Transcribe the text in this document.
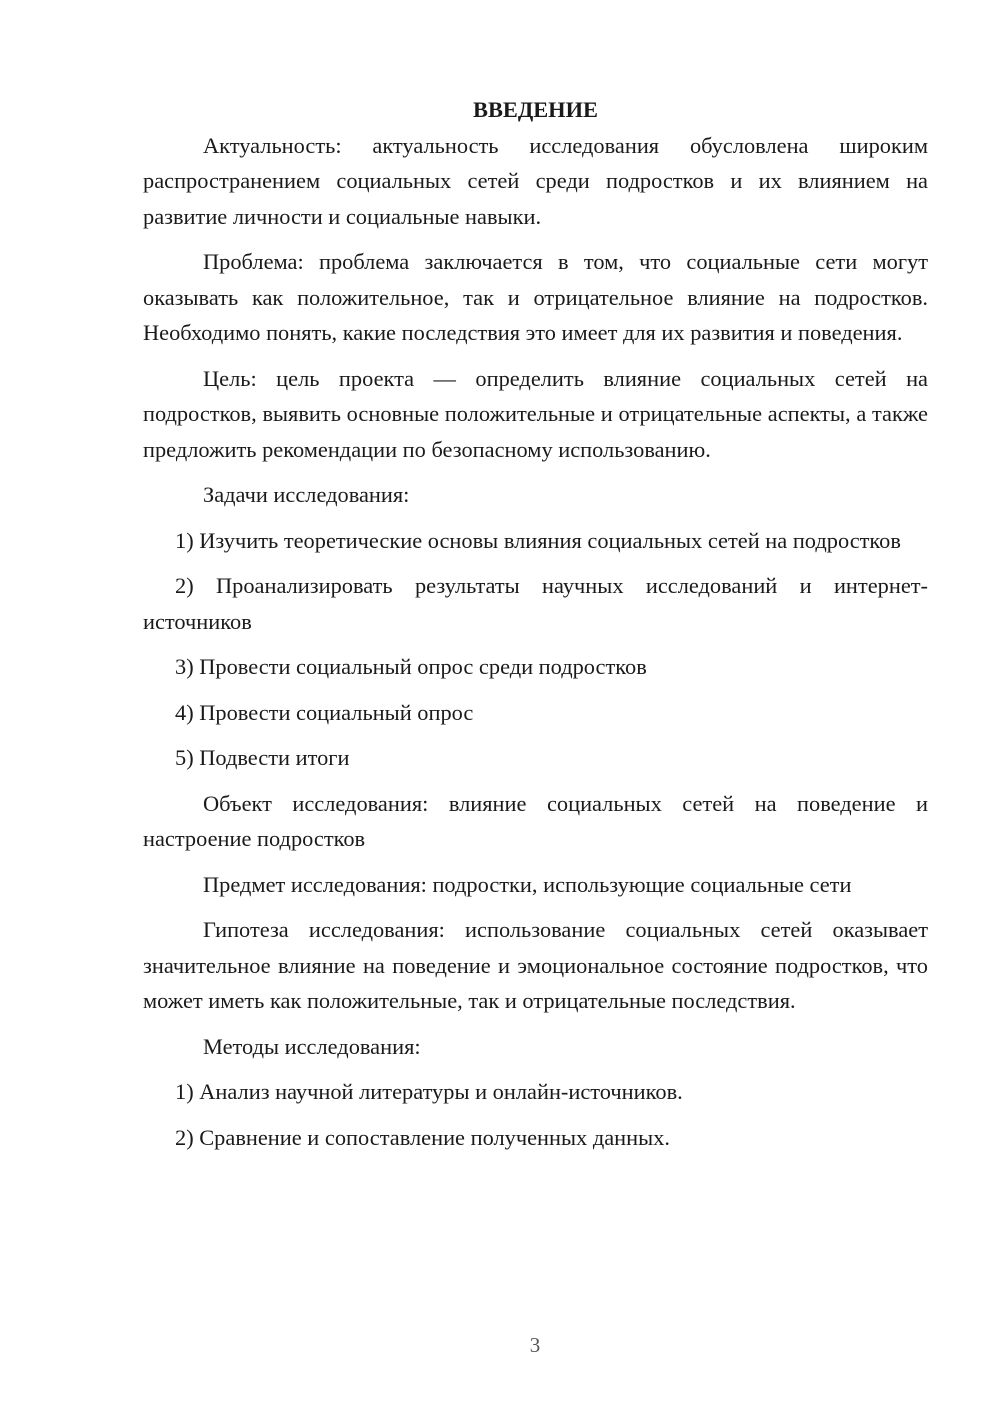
ВВЕДЕНИЕ

Актуальность: актуальность исследования обусловлена широким распространением социальных сетей среди подростков и их влиянием на развитие личности и социальные навыки.

Проблема: проблема заключается в том, что социальные сети могут оказывать как положительное, так и отрицательное влияние на подростков. Необходимо понять, какие последствия это имеет для их развития и поведения.

Цель: цель проекта — определить влияние социальных сетей на подростков, выявить основные положительные и отрицательные аспекты, а также предложить рекомендации по безопасному использованию.

Задачи исследования:

1) Изучить теоретические основы влияния социальных сетей на подростков

2) Проанализировать результаты научных исследований и интернет-источников

3) Провести социальный опрос среди подростков

4) Провести социальный опрос

5) Подвести итоги

Объект исследования: влияние социальных сетей на поведение и настроение подростков

Предмет исследования: подростки, использующие социальные сети

Гипотеза исследования: использование социальных сетей оказывает значительное влияние на поведение и эмоциональное состояние подростков, что может иметь как положительные, так и отрицательные последствия.

Методы исследования:

1) Анализ научной литературы и онлайн-источников.

2) Сравнение и сопоставление полученных данных.

3
